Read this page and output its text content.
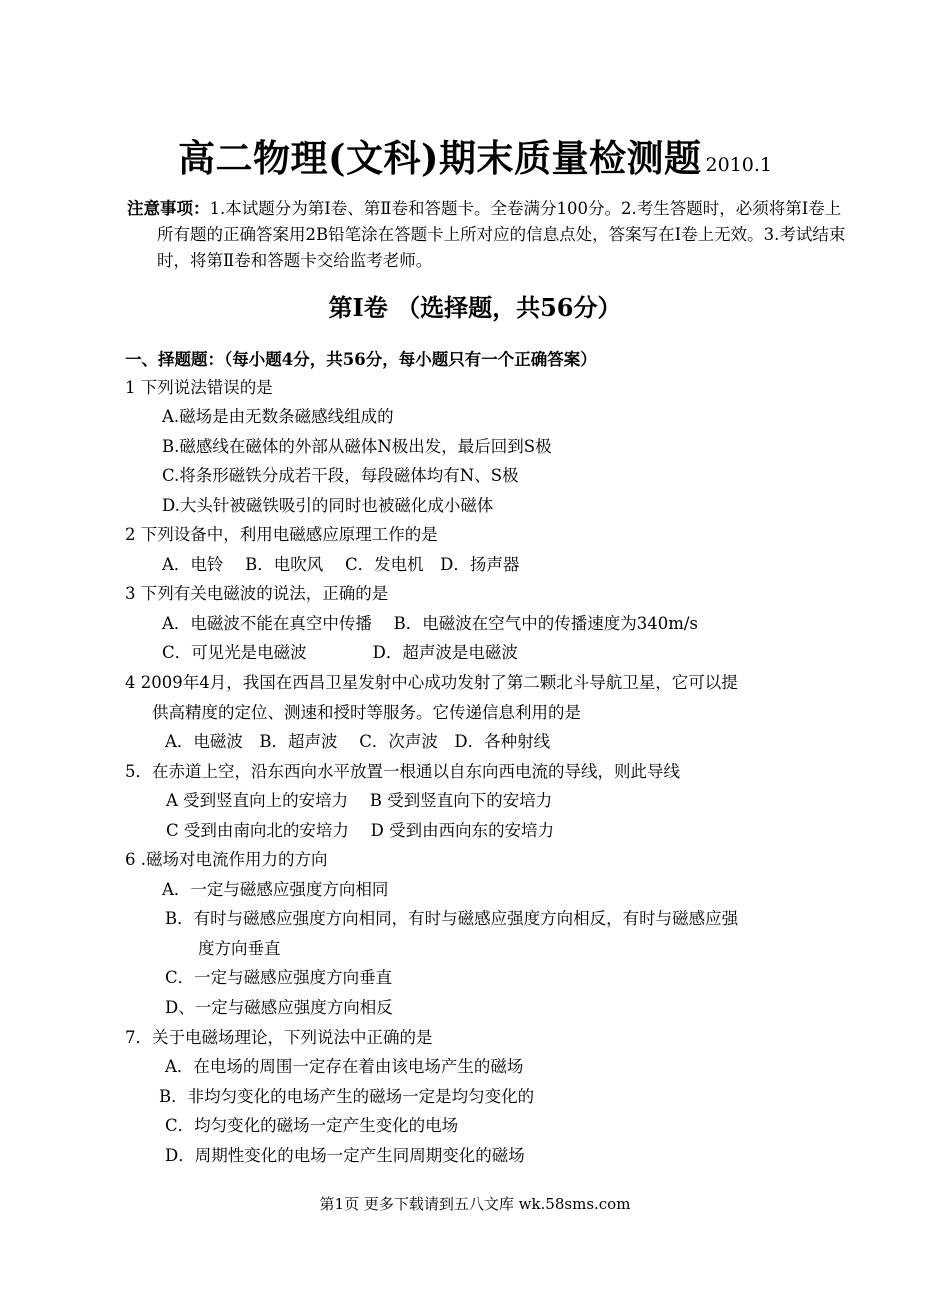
高二物理(文科)期末质量检测题 2010.1
注意事项：1.本试题分为第Ⅰ卷、第Ⅱ卷和答题卡。全卷满分100分。2.考生答题时，必须将第Ⅰ卷上所有题的正确答案用2B铅笔涂在答题卡上所对应的信息点处，答案写在Ⅰ卷上无效。3.考试结束时，将第Ⅱ卷和答题卡交给监考老师。
第Ⅰ卷 （选择题，共56分）
一、择题题：（每小题4分，共56分，每小题只有一个正确答案）
1 下列说法错误的是
A.磁场是由无数条磁感线组成的
B.磁感线在磁体的外部从磁体N极出发，最后回到S极
C.将条形磁铁分成若干段，每段磁体均有N、S极
D.大头针被磁铁吸引的同时也被磁化成小磁体
2 下列设备中，利用电磁感应原理工作的是
A．电铃　 B．电吹风　 C．发电机　D．扬声器
3 下列有关电磁波的说法，正确的是
A．电磁波不能在真空中传播　 B．电磁波在空气中的传播速度为340m/s
C．可见光是电磁波　　　　D．超声波是电磁波
4 2009年4月，我国在西昌卫星发射中心成功发射了第二颗北斗导航卫星，它可以提
供高精度的定位、测速和授时等服务。它传递信息利用的是
A．电磁波　B．超声波　 C．次声波　D．各种射线
5．在赤道上空，沿东西向水平放置一根通以自东向西电流的导线，则此导线
A 受到竖直向上的安培力　 B 受到竖直向下的安培力
C 受到由南向北的安培力　 D 受到由西向东的安培力
6 .磁场对电流作用力的方向
A．一定与磁感应强度方向相同
B．有时与磁感应强度方向相同，有时与磁感应强度方向相反，有时与磁感应强
度方向垂直
C．一定与磁感应强度方向垂直
D、一定与磁感应强度方向相反
7．关于电磁场理论，下列说法中正确的是
A．在电场的周围一定存在着由该电场产生的磁场
B．非均匀变化的电场产生的磁场一定是均匀变化的
C．均匀变化的磁场一定产生变化的电场
D．周期性变化的电场一定产生同周期变化的磁场
第1页 更多下载请到五八文库 wk.58sms.com
